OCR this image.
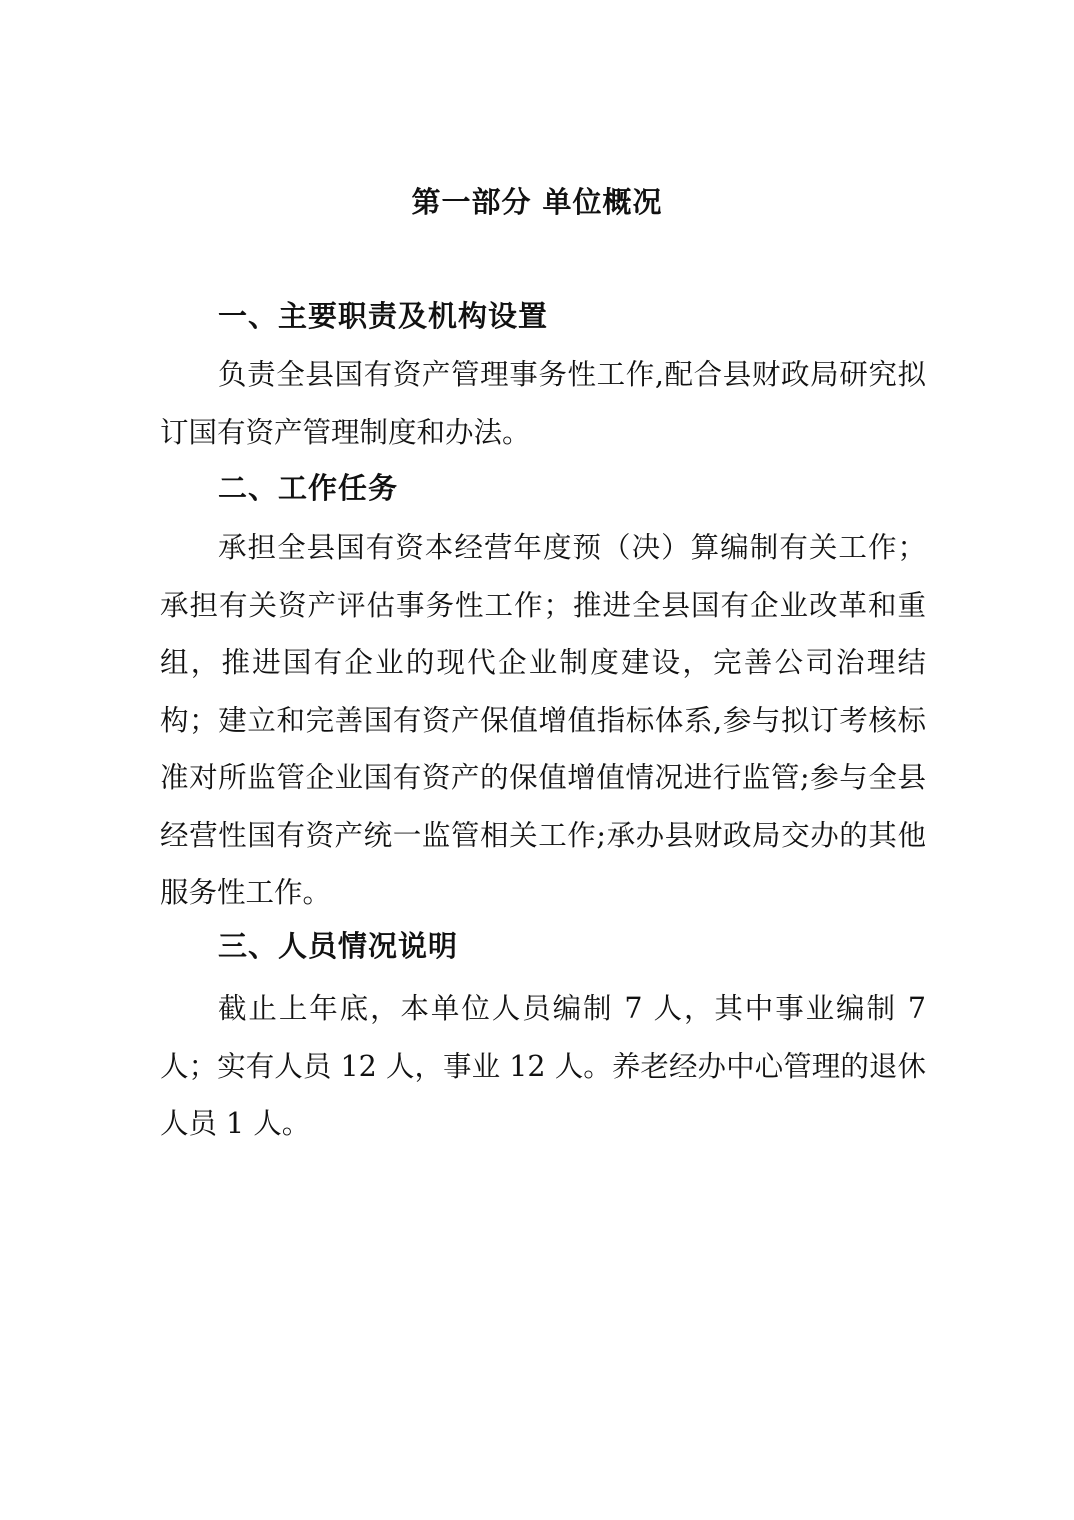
第一部分 单位概况
一、主要职责及机构设置
负责全县国有资产管理事务性工作,配合县财政局研究拟订国有资产管理制度和办法。
二、工作任务
承担全县国有资本经营年度预（决）算编制有关工作；承担有关资产评估事务性工作；推进全县国有企业改革和重组，推进国有企业的现代企业制度建设，完善公司治理结构；建立和完善国有资产保值增值指标体系,参与拟订考核标准对所监管企业国有资产的保值增值情况进行监管;参与全县经营性国有资产统一监管相关工作;承办县财政局交办的其他服务性工作。
三、人员情况说明
截止上年底，本单位人员编制 7 人，其中事业编制 7 人；实有人员 12 人，事业 12 人。养老经办中心管理的退休人员 1 人。
